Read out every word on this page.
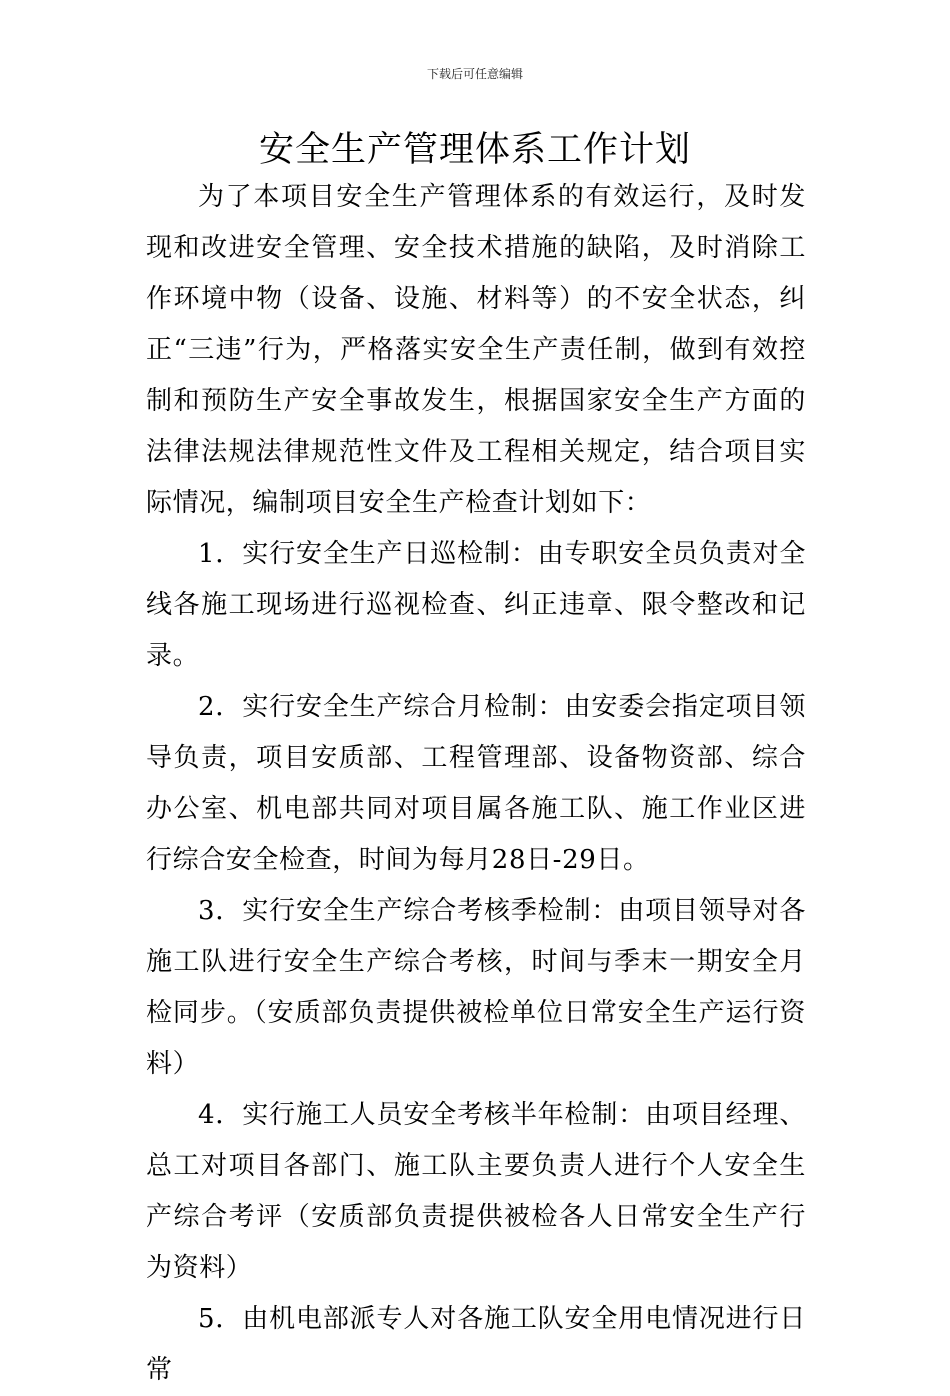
下载后可任意编辑
安全生产管理体系工作计划

为了本项目安全生产管理体系的有效运行，及时发现和改进安全管理、安全技术措施的缺陷，及时消除工作环境中物（设备、设施、材料等）的不安全状态，纠正“三违”行为，严格落实安全生产责任制，做到有效控制和预防生产安全事故发生，根据国家安全生产方面的法律法规法律规范性文件及工程相关规定，结合项目实际情况，编制项目安全生产检查计划如下：

1．实行安全生产日巡检制：由专职安全员负责对全线各施工现场进行巡视检查、纠正违章、限令整改和记录。

2．实行安全生产综合月检制：由安委会指定项目领导负责，项目安质部、工程管理部、设备物资部、综合办公室、机电部共同对项目属各施工队、施工作业区进行综合安全检查，时间为每月28日-29日。

3．实行安全生产综合考核季检制：由项目领导对各施工队进行安全生产综合考核，时间与季末一期安全月检同步。（安质部负责提供被检单位日常安全生产运行资料）

4．实行施工人员安全考核半年检制：由项目经理、总工对项目各部门、施工队主要负责人进行个人安全生产综合考评（安质部负责提供被检各人日常安全生产行为资料）

5．由机电部派专人对各施工队安全用电情况进行日常
